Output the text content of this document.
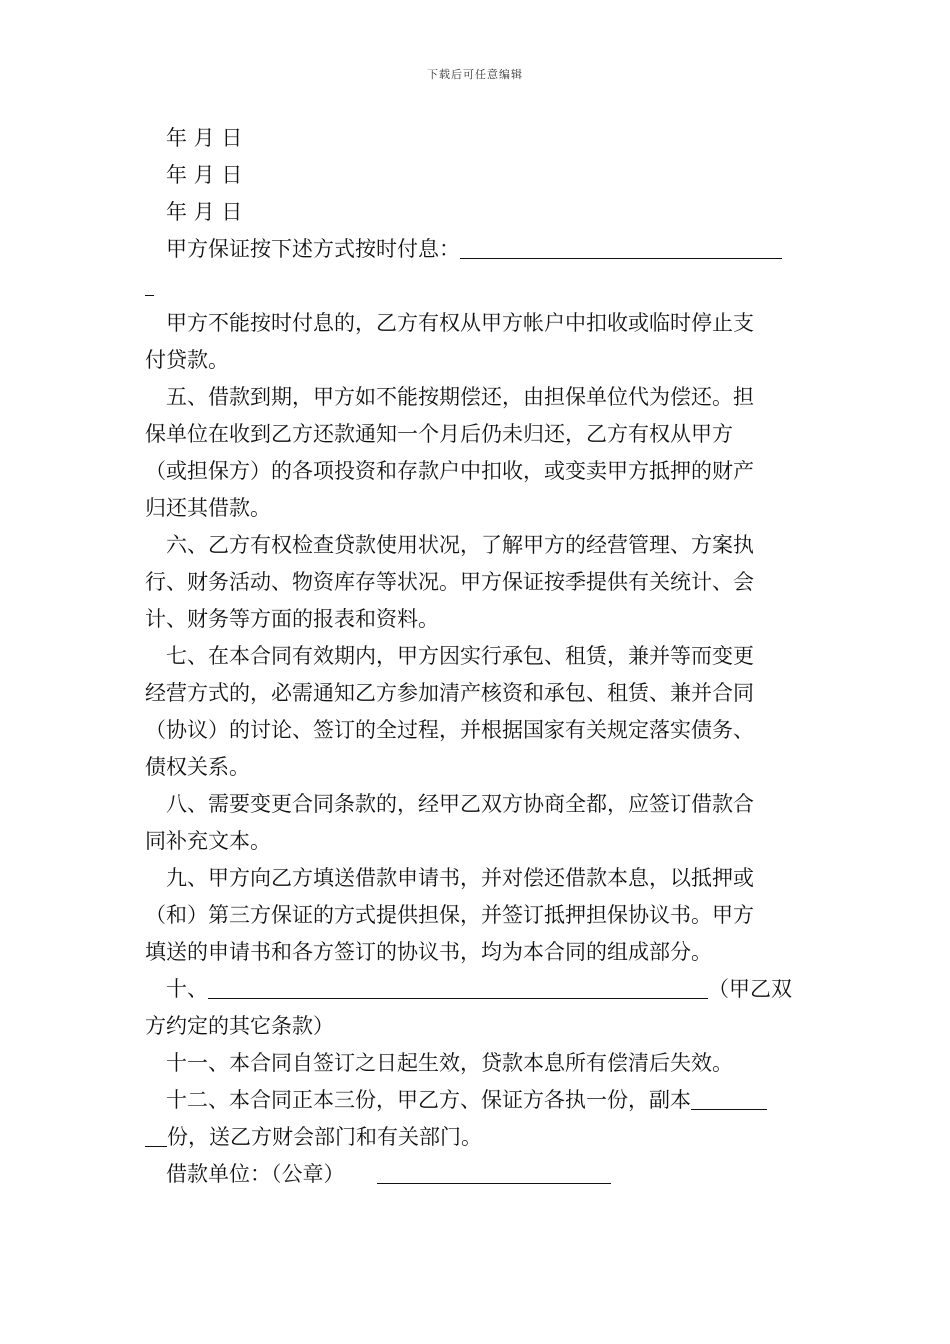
下载后可任意编辑
年 月 日
年 月 日
年 月 日
甲方保证按下述方式按时付息：
甲方不能按时付息的，乙方有权从甲方帐户中扣收或临时停止支
付贷款。
五、借款到期，甲方如不能按期偿还，由担保单位代为偿还。担
保单位在收到乙方还款通知一个月后仍未归还，乙方有权从甲方
（或担保方）的各项投资和存款户中扣收，或变卖甲方抵押的财产
归还其借款。
六、乙方有权检查贷款使用状况，了解甲方的经营管理、方案执
行、财务活动、物资库存等状况。甲方保证按季提供有关统计、会
计、财务等方面的报表和资料。
七、在本合同有效期内，甲方因实行承包、租赁，兼并等而变更
经营方式的，必需通知乙方参加清产核资和承包、租赁、兼并合同
（协议）的讨论、签订的全过程，并根据国家有关规定落实债务、
债权关系。
八、需要变更合同条款的，经甲乙双方协商全都，应签订借款合
同补充文本。
九、甲方向乙方填送借款申请书，并对偿还借款本息，以抵押或
（和）第三方保证的方式提供担保，并签订抵押担保协议书。甲方
填送的申请书和各方签订的协议书，均为本合同的组成部分。
十、	（甲乙双
方约定的其它条款）
十一、本合同自签订之日起生效，贷款本息所有偿清后失效。
十二、本合同正本三份，甲乙方、保证方各执一份，副本
份，送乙方财会部门和有关部门。
借款单位：（公章）
